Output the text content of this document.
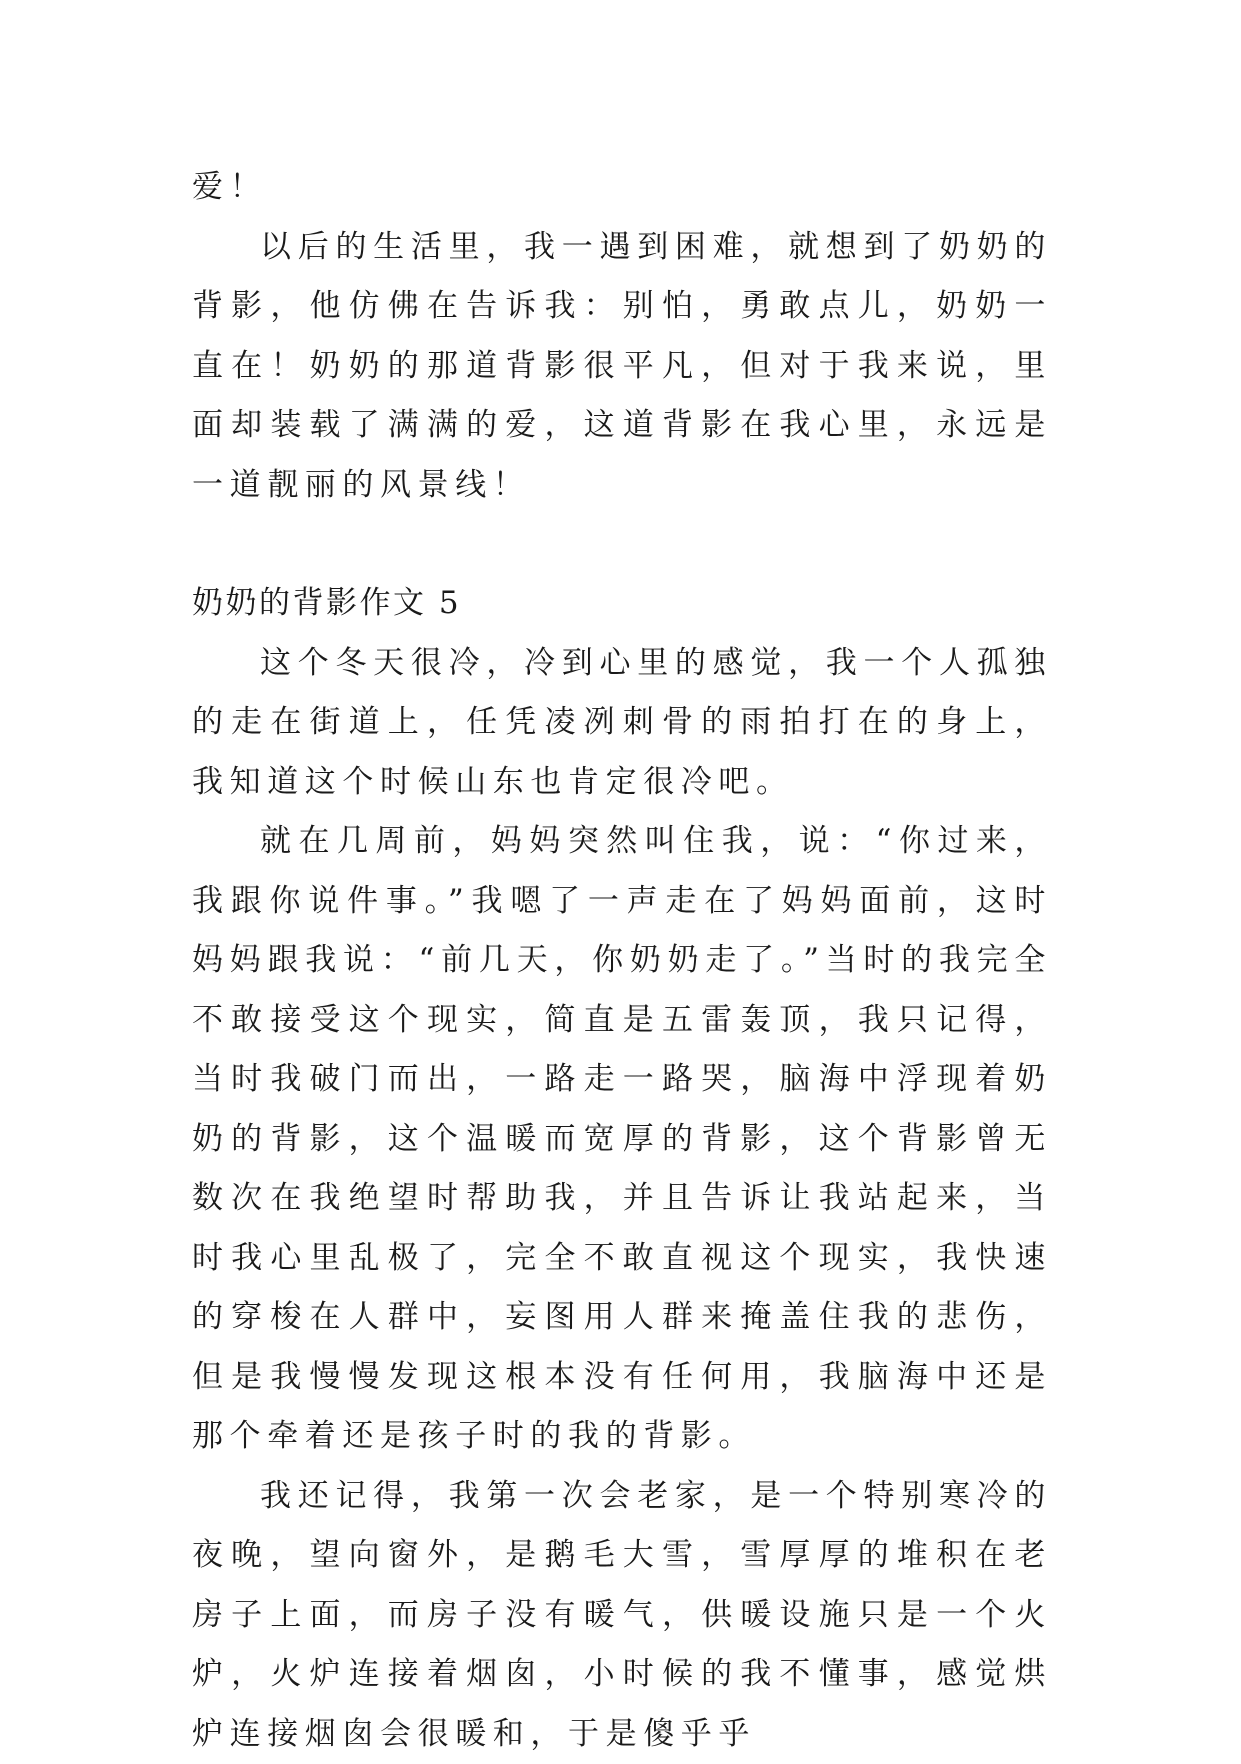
爱！

以后的生活里，我一遇到困难，就想到了奶奶的背影，他仿佛在告诉我：别怕，勇敢点儿，奶奶一直在！奶奶的那道背影很平凡，但对于我来说，里面却装载了满满的爱，这道背影在我心里，永远是一道靓丽的风景线！

奶奶的背影作文 5

这个冬天很冷，冷到心里的感觉，我一个人孤独的走在街道上，任凭凌冽刺骨的雨拍打在的身上，我知道这个时候山东也肯定很冷吧。

就在几周前，妈妈突然叫住我，说：“你过来，我跟你说件事。”我嗯了一声走在了妈妈面前，这时妈妈跟我说：“前几天，你奶奶走了。”当时的我完全不敢接受这个现实，简直是五雷轰顶，我只记得，当时我破门而出，一路走一路哭，脑海中浮现着奶奶的背影，这个温暖而宽厚的背影，这个背影曾无数次在我绝望时帮助我，并且告诉让我站起来，当时我心里乱极了，完全不敢直视这个现实，我快速的穿梭在人群中，妄图用人群来掩盖住我的悲伤，但是我慢慢发现这根本没有任何用，我脑海中还是那个牵着还是孩子时的我的背影。

我还记得，我第一次会老家，是一个特别寒冷的夜晚，望向窗外，是鹅毛大雪，雪厚厚的堆积在老房子上面，而房子没有暖气，供暖设施只是一个火炉，火炉连接着烟囱，小时候的我不懂事，感觉烘炉连接烟囱会很暖和，于是傻乎乎
